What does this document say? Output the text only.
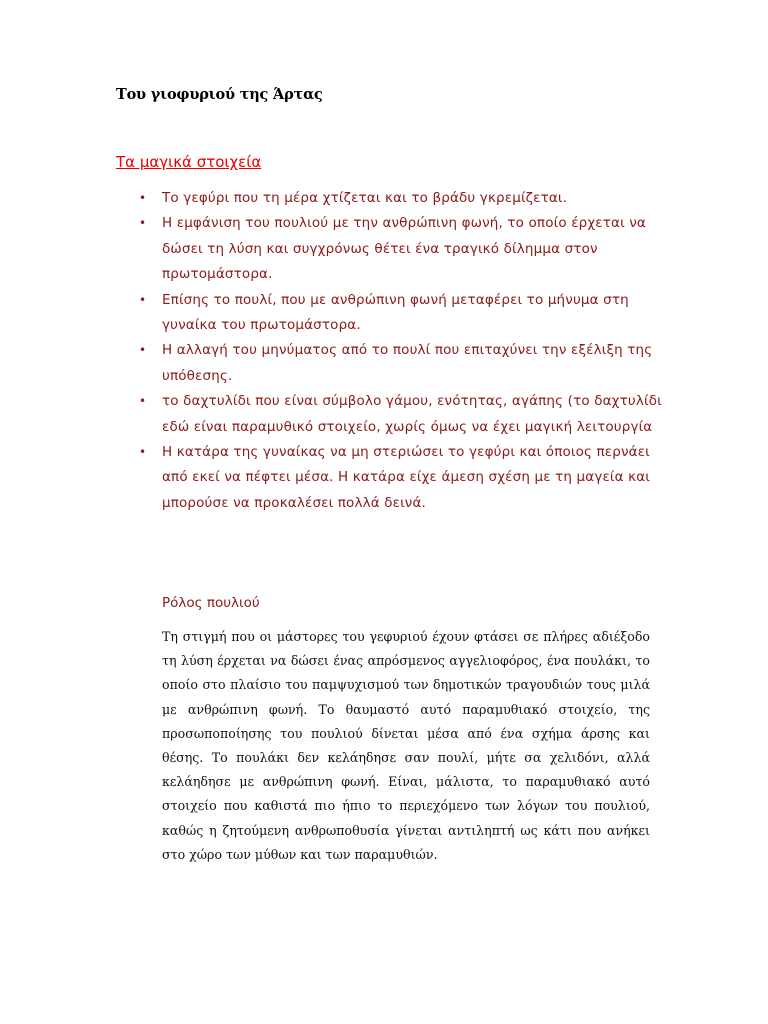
Του γιοφυριού της Άρτας
Τα μαγικά στοιχεία
• Το γεφύρι που τη μέρα χτίζεται και το βράδυ γκρεμίζεται.
• Η εμφάνιση του πουλιού με την ανθρώπινη φωνή, το οποίο έρχεται να δώσει τη λύση και συγχρόνως θέτει ένα τραγικό δίλημμα στον πρωτομάστορα.
• Επίσης το πουλί, που με ανθρώπινη φωνή μεταφέρει το μήνυμα στη γυναίκα του πρωτομάστορα.
• Η αλλαγή του μηνύματος από το πουλί που επιταχύνει την εξέλιξη της υπόθεσης.
• το δαχτυλίδι που είναι σύμβολο γάμου, ενότητας, αγάπης (το δαχτυλίδι εδώ είναι παραμυθικό στοιχείο, χωρίς όμως να έχει μαγική λειτουργία
• Η κατάρα της γυναίκας να μη στεριώσει το γεφύρι και όποιος περνάει από εκεί να πέφτει μέσα. Η κατάρα είχε άμεση σχέση με τη μαγεία και μπορούσε να προκαλέσει πολλά δεινά.
Ρόλος πουλιού

Τη στιγμή που οι μάστορες του γεφυριού έχουν φτάσει σε πλήρες αδιέξοδο τη λύση έρχεται να δώσει ένας απρόσμενος αγγελιοφόρος, ένα πουλάκι, το οποίο στο πλαίσιο του παμψυχισμού των δημοτικών τραγουδιών τους μιλά με ανθρώπινη φωνή. Το θαυμαστό αυτό παραμυθιακό στοιχείο, της προσωποποίησης του πουλιού δίνεται μέσα από ένα σχήμα άρσης και θέσης. Το πουλάκι δεν κελάηδησε σαν πουλί, μήτε σα χελιδόνι, αλλά κελάηδησε με ανθρώπινη φωνή. Είναι, μάλιστα, το παραμυθιακό αυτό στοιχείο που καθιστά πιο ήπιο το περιεχόμενο των λόγων του πουλιού, καθώς η ζητούμενη ανθρωποθυσία γίνεται αντιληπτή ως κάτι που ανήκει στο χώρο των μύθων και των παραμυθιών.
